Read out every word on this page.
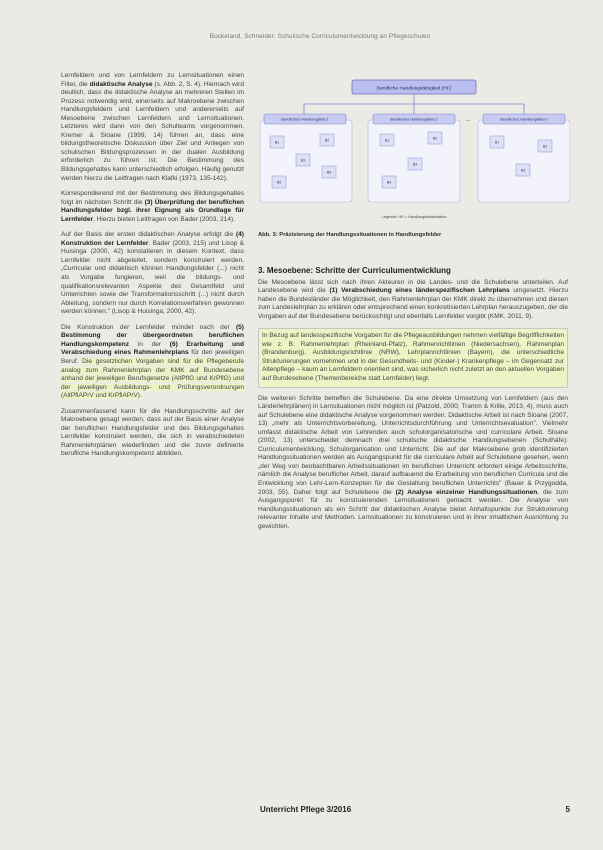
Buckeland, Schneider: Schulische Curriculumentwicklung an Pflegeschulen

Lernfeldern und von Lernfeldern zu Lernsituationen einen Filter, die didaktische Analyse (s. Abb. 2, S. 4). Hiernach wird deutlich, dass die didaktische Analyse an mehreren Stellen im Prozess notwendig wird, einerseits auf Makroebene zwischen Handlungsfeldern und Lernfeldern und andererseits auf Mesoebene zwischen Lernfeldern und Lernsituationen. Letzteres wird dann von den Schulteams vorgenommen. Kremer & Sloane (1999, 14) führen an, dass eine bildungstheoretische Diskussion über Ziel und Anliegen von schulischen Bildungsprozessen in der dualen Ausbildung erforderlich zu führen ist. Die Bestimmung des Bildungsgehaltes kann unterschiedlich erfolgen. Häufig genutzt werden hierzu die Leitfragen nach Klafki (1973, 135-142).

Korrespondierend mit der Bestimmung des Bildungsgehaltes folgt im nächsten Schritt die (3) Überprüfung der beruflichen Handlungsfelder bzgl. ihrer Eignung als Grundlage für Lernfelder. Hierzu bieten Leitfragen von Bader (2003, 214).

Auf der Basis der ersten didaktischen Analyse erfolgt die (4) Konstruktion der Lernfelder. Bader (2003, 215) und Lisop & Huisinga (2000, 42) konstatieren in diesem Kontext, dass Lernfelder nicht abgeleitet, sondern konstruiert werden. „Curricular und didaktisch können Handlungsfelder (...) nicht als Vorgabe fungieren, weil die bildungs- und qualifikationsrelevanten Aspekte des Gesamtfeld und Unterrichten sowie der Transformationsschritt (...) nicht durch Ableitung, sondern nur durch Korrelationsverfahren gewonnen werden können." (Lisop & Huisinga, 2000, 42).

Die Konstruktion der Lernfelder mündet nach der (5) Bestimmung der übergeordneten beruflichen Handlungskompetenz in der (6) Erarbeitung und Verabschiedung eines Rahmenlehrplans für den jeweiligen Beruf. Die gesetzlichen Vorgaben sind für die Pflegeberufe analog zum Rahmenlehrplan der KMK auf Bundesebene anhand der jeweiligen Berufsgesetze (AltPflG und KrPflG) und der jeweiligen Ausbildungs- und Prüfungsverordnungen (AltPflAPrV und KrPflAPrV).

Zusammenfassend kann für die Handlungsschritte auf der Makroebene gesagt werden, dass auf der Basis einer Analyse der beruflichen Handlungsfelder und des Bildungsgehaltes Lernfelder konstruiert werden, die sich in verabschiedeten Rahmenlehrplänen wiederfinden und die zuvor definierte berufliche Handlungskompetenz abbilden.

Berufliche Handlungsfähigkeit (HF)
Berufliches Handlungsfeld 1	Berufliches Handlungsfeld 2	Berufliches Handlungsfeld n
...
B1	B2
B3
B4
B5
B1	B2
B3
B4
B1
B2
B3
Legende: HS = Handlungsfeldsituation
Abb. 3: Präzisierung der Handlungssituationen in Handlungsfelder
3. Mesoebene: Schritte der Curriculumentwicklung

Die Mesoebene lässt sich nach ihren Akteuren in die Landes- und die Schulebene unterteilen. Auf Landesebene wird die (1) Verabschiedung eines länderspezifischen Lehrplans umgesetzt. Hierzu haben die Bundesländer die Möglichkeit, den Rahmenlehrplan der KMK direkt zu übernehmen und diesen zum Landeslehrplan zu erklären oder entsprechend einen konkretisierten Lehrplan herauszugeben, der die Vorgaben auf der Bundesebene berücksichtigt und ebenfalls Lernfelder vorgibt (KMK, 2011, 9).

In Bezug auf landesspezifische Vorgaben für die Pflegeausbildungen nehmen vielfältige Begrifflichkeiten wie z. B. Rahmenlehrplan (Rheinland-Pfalz), Rahmenrichtlinien (Niedersachsen), Rahmenplan (Brandenburg), Ausbildungsrichtlinie (NRW), Lehrplanrichtlinien (Bayern), die unterschiedliche Strukturierungen vornehmen und in der Gesundheits- und (Kinder-) Krankenpflege – im Gegensatz zur Altenpflege – kaum an Lernfeldern orientiert sind, was sicherlich nicht zuletzt an den aktuellen Vorgaben auf Bundesebene (Themenbereiche statt Lernfelder) liegt.

Die weiteren Schritte betreffen die Schulebene. Da eine direkte Umsetzung von Lernfeldern (aus den Länderlehrplänen) in Lernsituationen nicht möglich ist (Patzold, 2000; Tramm & Krille, 2013, 4), muss auch auf Schulebene eine didaktische Analyse vorgenommen werden. Didaktische Arbeit ist nach Sloane (2007, 13) „mehr als Unterrichtsvorbereitung, Unterrichtsdurchführung und Unterrichtsevaluation". Vielmehr umfasst didaktische Arbeit von Lehrenden auch schulorganisatorische und curriculare Arbeit. Sloane (2002, 13) unterscheidet demnach drei schulische didaktische Handlungsebenen (Schulhäfe): Curriculumentwicklung, Schulorganisation und Unterricht. Die auf der Makroebene grob identifizierten Handlungssituationen werden als Ausgangspunkt für die curriculare Arbeit auf Schulebene gesehen, wenn „der Weg von beobachtbaren Arbeitssituationen im beruflichen Unterricht erfordert einige Arbeitsschritte, nämlich die Analyse beruflicher Arbeit, darauf aufbauend die Erarbeitung von beruflichen Curricula und die Entwicklung von Lehr-Lern-Konzepten für die Gestaltung beruflichen Unterrichts" (Bauer & Przygodda, 2003, 55). Daher folgt auf Schulebene die (2) Analyse einzelner Handlungssituationen, die zum Ausgangspunkt für zu konstruierenden Lernsituationen gemacht werden. Die Analyse von Handlungssituationen als ein Schritt der didaktischen Analyse bietet Anhaltspunkte zur Strukturierung relevanter Inhalte und Methoden. Lernsituationen zu konstruieren und in ihrer inhaltlichen Ausrichtung zu gewichten.

Unterricht Pflege 3/2016	5
